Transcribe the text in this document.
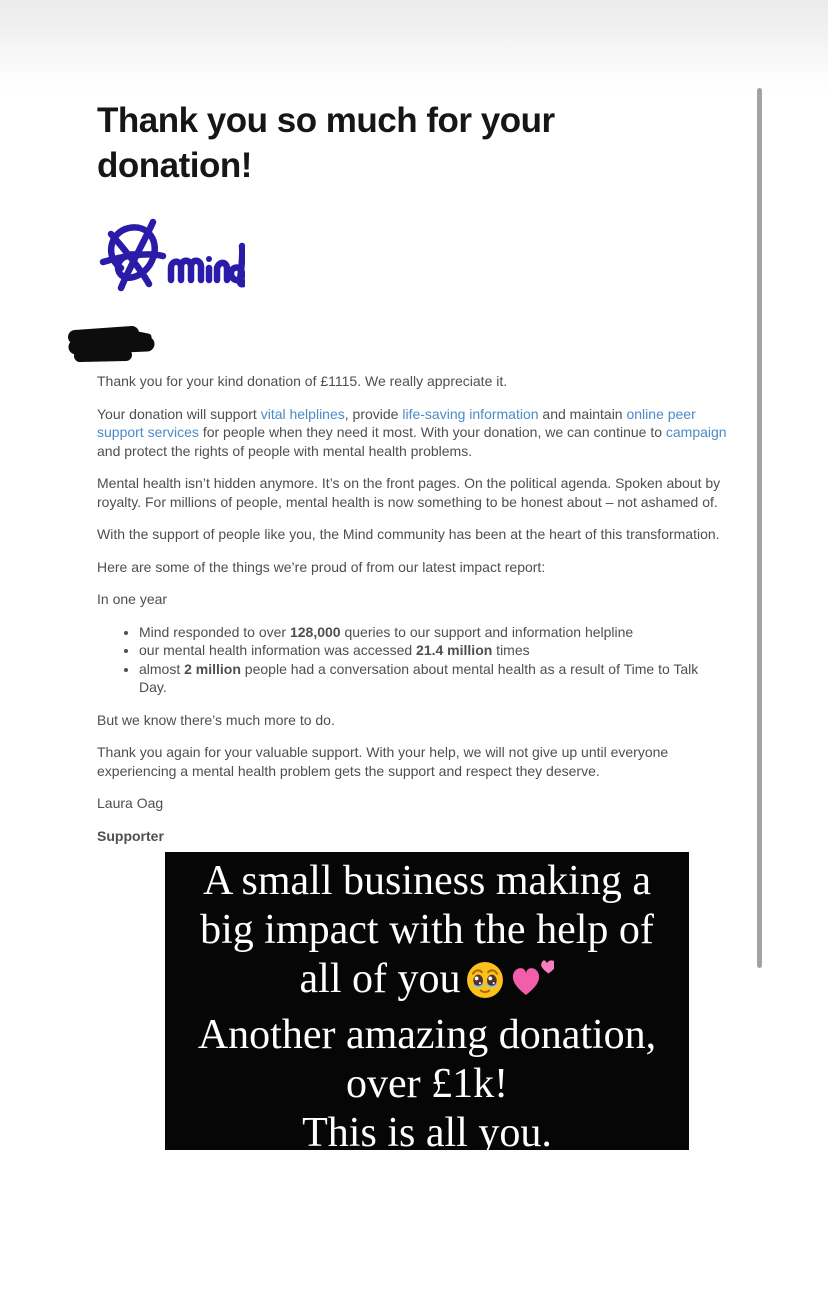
Thank you so much for your donation!

Thank you for your kind donation of £1115. We really appreciate it.

Your donation will support vital helplines, provide life-saving information and maintain online peer support services for people when they need it most. With your donation, we can continue to campaign and protect the rights of people with mental health problems.

Mental health isn’t hidden anymore. It’s on the front pages. On the political agenda. Spoken about by royalty. For millions of people, mental health is now something to be honest about – not ashamed of.

With the support of people like you, the Mind community has been at the heart of this transformation.

Here are some of the things we’re proud of from our latest impact report:

In one year

• Mind responded to over 128,000 queries to our support and information helpline
• our mental health information was accessed 21.4 million times
• almost 2 million people had a conversation about mental health as a result of Time to Talk Day.

But we know there’s much more to do.

Thank you again for your valuable support. With your help, we will not give up until everyone experiencing a mental health problem gets the support and respect they deserve.

Laura Oag

Supporter

A small business making a
big impact with the help of
all of you
Another amazing donation,
over £1k!
This is all you.
